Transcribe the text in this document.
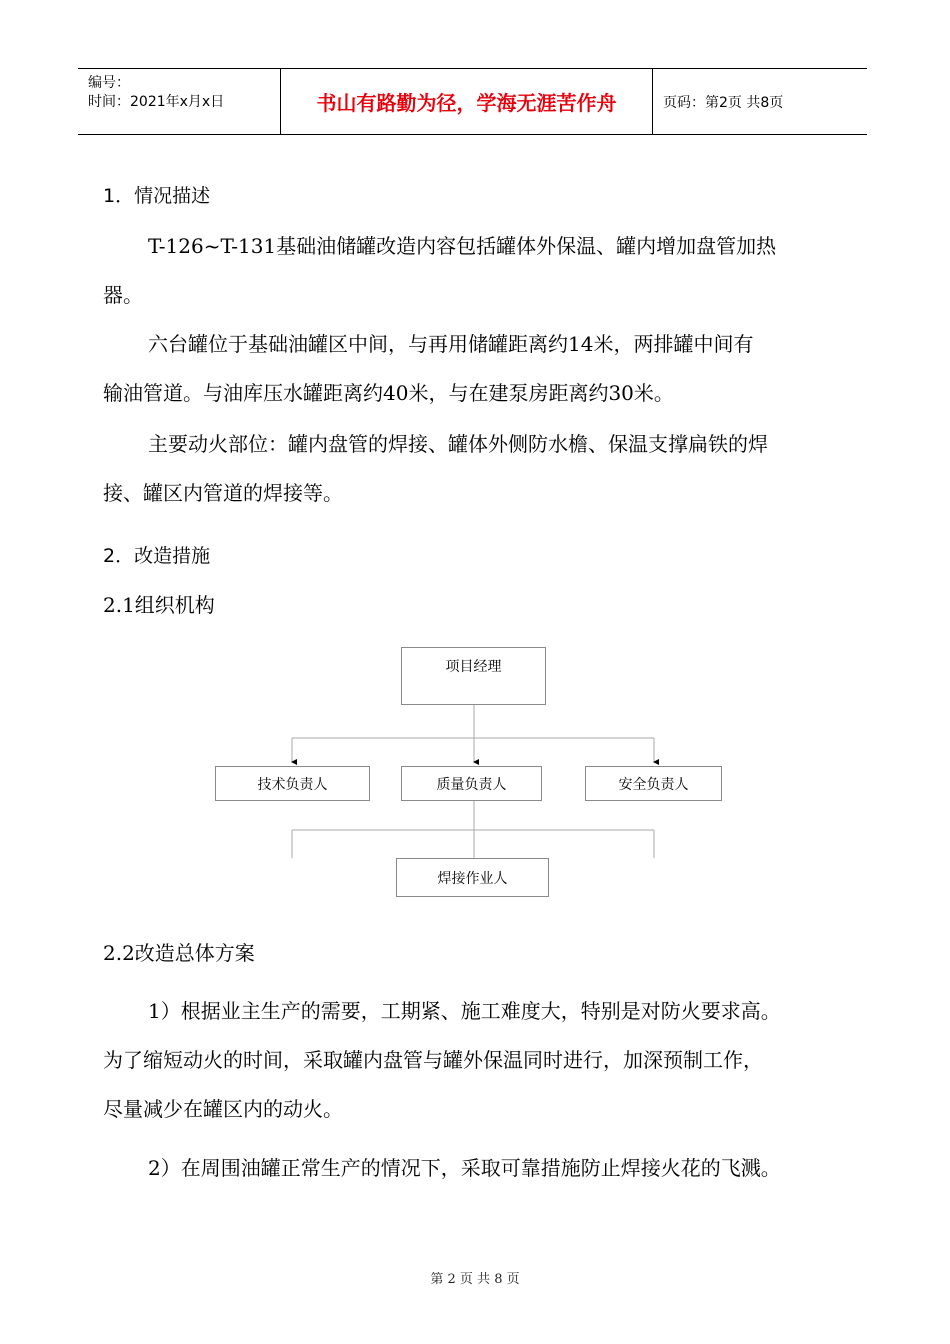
编号：
时间：2021年x月x日	书山有路勤为径，学海无涯苦作舟	页码：第2页 共8页
1．情况描述
T-126~T-131基础油储罐改造内容包括罐体外保温、罐内增加盘管加热
器。
六台罐位于基础油罐区中间，与再用储罐距离约14米，两排罐中间有
输油管道。与油库压水罐距离约40米，与在建泵房距离约30米。
主要动火部位：罐内盘管的焊接、罐体外侧防水檐、保温支撑扁铁的焊
接、罐区内管道的焊接等。
2．改造措施
2.1组织机构
项目经理
技术负责人	质量负责人	安全负责人
焊接作业人
2.2改造总体方案
1）根据业主生产的需要，工期紧、施工难度大，特别是对防火要求高。
为了缩短动火的时间，采取罐内盘管与罐外保温同时进行，加深预制工作，
尽量减少在罐区内的动火。
2）在周围油罐正常生产的情况下，采取可靠措施防止焊接火花的飞溅。
第 2 页 共 8 页
